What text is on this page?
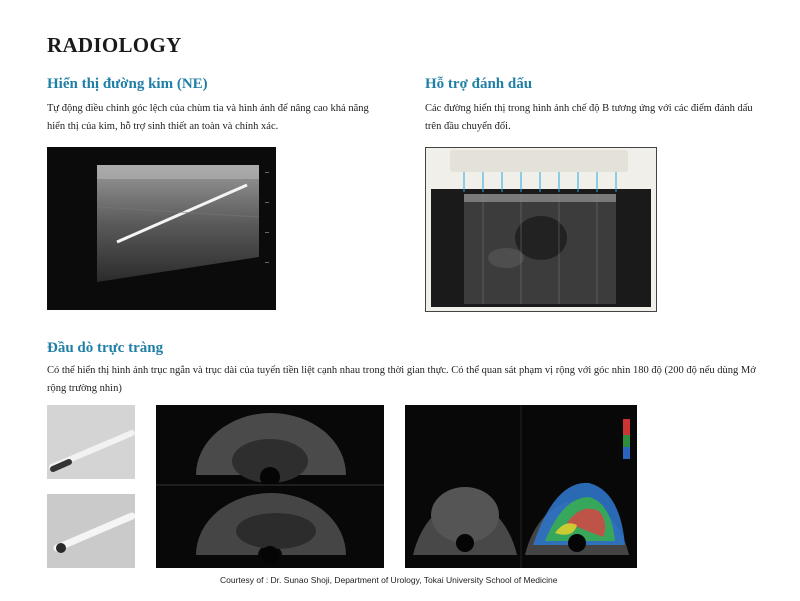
RADIOLOGY
Hiển thị đường kim (NE)
Tự động điều chỉnh góc lệch của chùm tia và hình ảnh để nâng cao khả năng hiển thị của kim, hỗ trợ sinh thiết an toàn và chính xác.
Hỗ trợ đánh dấu
Các đường hiển thị trong hình ảnh chế độ B tương ứng với các điểm đánh dấu trên đầu chuyển đổi.
Đầu dò trực tràng
Có thể hiển thị hình ảnh trục ngắn và trục dài của tuyến tiền liệt cạnh nhau trong thời gian thực. Có thể quan sát phạm vị rộng với góc nhìn 180 độ (200 độ nếu dùng Mở rộng trường nhìn)
Courtesy of : Dr. Sunao Shoji, Department of Urology, Tokai University School of Medicine
